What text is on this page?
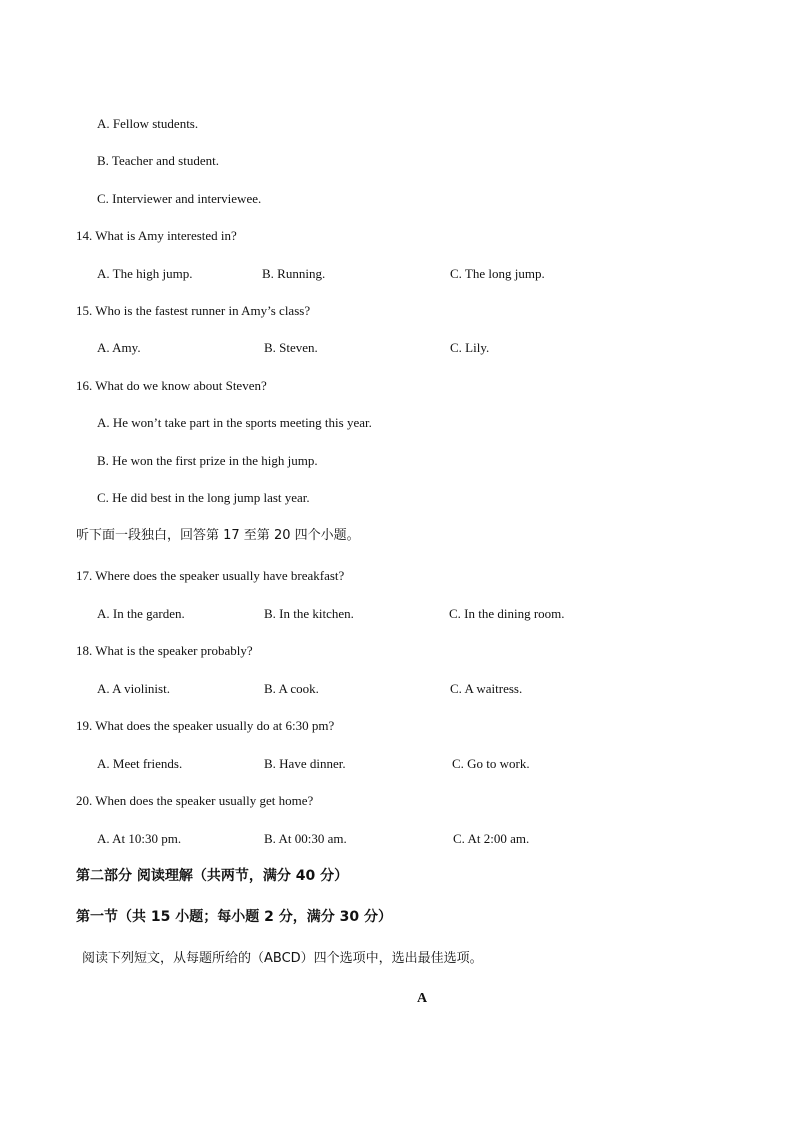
A. Fellow students.
B. Teacher and student.
C. Interviewer and interviewee.
14. What is Amy interested in?
A. The high jump.	B. Running.	C. The long jump.
15. Who is the fastest runner in Amy’s class?
A. Amy.	B. Steven.	C. Lily.
16. What do we know about Steven?
A. He won’t take part in the sports meeting this year.
B. He won the first prize in the high jump.
C. He did best in the long jump last year.
听下面一段独白，回答第 17 至第 20 四个小题。
17. Where does the speaker usually have breakfast?
A. In the garden.	B. In the kitchen.	C. In the dining room.
18. What is the speaker probably?
A. A violinist.	B. A cook.	C. A waitress.
19. What does the speaker usually do at 6:30 pm?
A. Meet friends.	B. Have dinner.	C. Go to work.
20. When does the speaker usually get home?
A. At 10:30 pm.	B. At 00:30 am.	C. At 2:00 am.
第二部分 阅读理解（共两节，满分 40 分）
第一节（共 15 小题；每小题 2 分，满分 30 分）
阅读下列短文，从每题所给的（ABCD）四个选项中，选出最佳选项。
A
